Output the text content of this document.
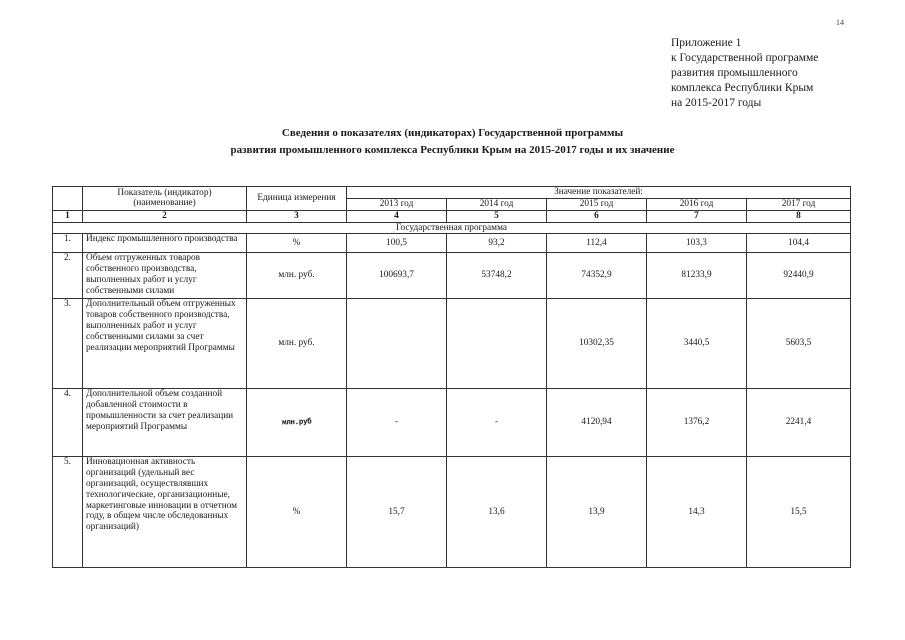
14
Приложение 1
к Государственной программе
развития промышленного
комплекса Республики Крым
на 2015-2017 годы
Сведения о показателях (индикаторах) Государственной программы
развития промышленного комплекса Республики Крым на 2015-2017 годы и их значение
	Показатель (индикатор) (наименование)	Единица измерения	Значение показателей:				
			2013 год	2014 год	2015 год	2016 год	2017 год
1	2	3	4	5	6	7	8
Государственная программа							
1.	Индекс промышленного производства	%	100,5	93,2	112,4	103,3	104,4
2.	Объем отгруженных товаров собственного производства, выполненных работ и услуг собственными силами	млн. руб.	100693,7	53748,2	74352,9	81233,9	92440,9
3.	Дополнительный объем отгруженных товаров собственного производства, выполненных работ и услуг собственными силами за счет реализации мероприятий Программы	млн. руб.			10302,35	3440,5	5603,5
4.	Дополнительной объем созданной добавленной стоимости в промышленности за счет реализации мероприятий Программы	млн.руб	-	-	4120,94	1376,2	2241,4
5.	Инновационная активность организаций (удельный вес организаций, осуществлявших технологические, организационные, маркетинговые инновации в отчетном году, в общем числе обследованных организаций)	%	15,7	13,6	13,9	14,3	15,5
